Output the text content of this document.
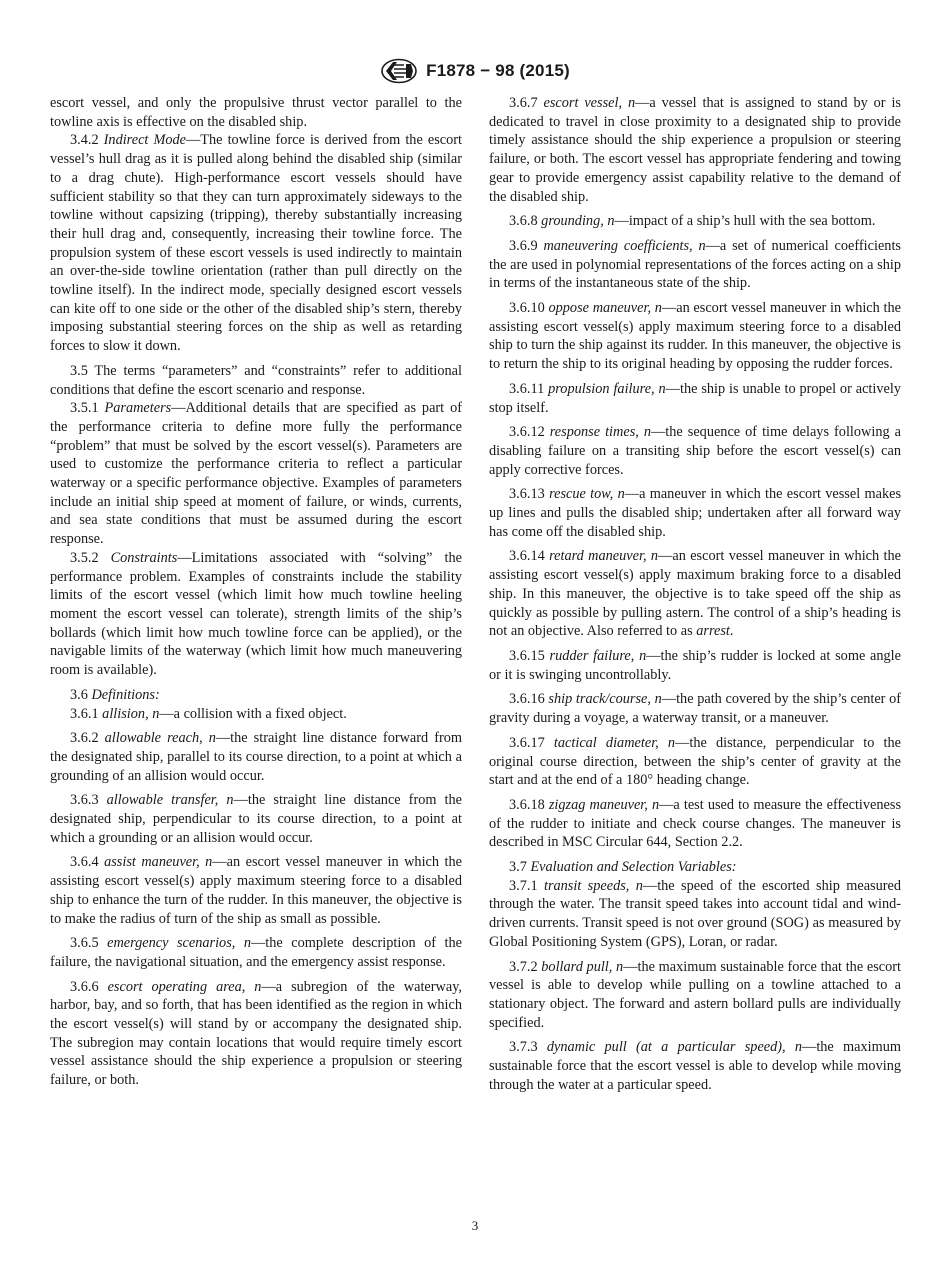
F1878 − 98 (2015)

escort vessel, and only the propulsive thrust vector parallel to the towline axis is effective on the disabled ship.

3.4.2 Indirect Mode—The towline force is derived from the escort vessel’s hull drag as it is pulled along behind the disabled ship (similar to a drag chute). High-performance escort vessels should have sufficient stability so that they can turn approximately sideways to the towline without capsizing (tripping), thereby substantially increasing their hull drag and, consequently, increasing their towline force. The propulsion system of these escort vessels is used indirectly to maintain an over-the-side towline orientation (rather than pull directly on the towline itself). In the indirect mode, specially designed escort vessels can kite off to one side or the other of the disabled ship’s stern, thereby imposing substantial steering forces on the ship as well as retarding forces to slow it down.

3.5 The terms “parameters” and “constraints” refer to additional conditions that define the escort scenario and response.

3.5.1 Parameters—Additional details that are specified as part of the performance criteria to define more fully the performance “problem” that must be solved by the escort vessel(s). Parameters are used to customize the performance criteria to reflect a particular waterway or a specific performance objective. Examples of parameters include an initial ship speed at moment of failure, or winds, currents, and sea state conditions that must be assumed during the escort response.

3.5.2 Constraints—Limitations associated with “solving” the performance problem. Examples of constraints include the stability limits of the escort vessel (which limit how much towline heeling moment the escort vessel can tolerate), strength limits of the ship’s bollards (which limit how much towline force can be applied), or the navigable limits of the waterway (which limit how much maneuvering room is available).

3.6 Definitions:

3.6.1 allision, n—a collision with a fixed object.

3.6.2 allowable reach, n—the straight line distance forward from the designated ship, parallel to its course direction, to a point at which a grounding of an allision would occur.

3.6.3 allowable transfer, n—the straight line distance from the designated ship, perpendicular to its course direction, to a point at which a grounding or an allision would occur.

3.6.4 assist maneuver, n—an escort vessel maneuver in which the assisting escort vessel(s) apply maximum steering force to a disabled ship to enhance the turn of the rudder. In this maneuver, the objective is to make the radius of turn of the ship as small as possible.

3.6.5 emergency scenarios, n—the complete description of the failure, the navigational situation, and the emergency assist response.

3.6.6 escort operating area, n—a subregion of the waterway, harbor, bay, and so forth, that has been identified as the region in which the escort vessel(s) will stand by or accompany the designated ship. The subregion may contain locations that would require timely escort vessel assistance should the ship experience a propulsion or steering failure, or both.

3.6.7 escort vessel, n—a vessel that is assigned to stand by or is dedicated to travel in close proximity to a designated ship to provide timely assistance should the ship experience a propulsion or steering failure, or both. The escort vessel has appropriate fendering and towing gear to provide emergency assist capability relative to the demand of the disabled ship.

3.6.8 grounding, n—impact of a ship’s hull with the sea bottom.

3.6.9 maneuvering coefficients, n—a set of numerical coefficients the are used in polynomial representations of the forces acting on a ship in terms of the instantaneous state of the ship.

3.6.10 oppose maneuver, n—an escort vessel maneuver in which the assisting escort vessel(s) apply maximum steering force to a disabled ship to turn the ship against its rudder. In this maneuver, the objective is to return the ship to its original heading by opposing the rudder forces.

3.6.11 propulsion failure, n—the ship is unable to propel or actively stop itself.

3.6.12 response times, n—the sequence of time delays following a disabling failure on a transiting ship before the escort vessel(s) can apply corrective forces.

3.6.13 rescue tow, n—a maneuver in which the escort vessel makes up lines and pulls the disabled ship; undertaken after all forward way has come off the disabled ship.

3.6.14 retard maneuver, n—an escort vessel maneuver in which the assisting escort vessel(s) apply maximum braking force to a disabled ship. In this maneuver, the objective is to take speed off the ship as quickly as possible by pulling astern. The control of a ship’s heading is not an objective. Also referred to as arrest.

3.6.15 rudder failure, n—the ship’s rudder is locked at some angle or it is swinging uncontrollably.

3.6.16 ship track/course, n—the path covered by the ship’s center of gravity during a voyage, a waterway transit, or a maneuver.

3.6.17 tactical diameter, n—the distance, perpendicular to the original course direction, between the ship’s center of gravity at the start and at the end of a 180° heading change.

3.6.18 zigzag maneuver, n—a test used to measure the effectiveness of the rudder to initiate and check course changes. The maneuver is described in MSC Circular 644, Section 2.2.

3.7 Evaluation and Selection Variables:

3.7.1 transit speeds, n—the speed of the escorted ship measured through the water. The transit speed takes into account tidal and wind-driven currents. Transit speed is not over ground (SOG) as measured by Global Positioning System (GPS), Loran, or radar.

3.7.2 bollard pull, n—the maximum sustainable force that the escort vessel is able to develop while pulling on a towline attached to a stationary object. The forward and astern bollard pulls are individually specified.

3.7.3 dynamic pull (at a particular speed), n—the maximum sustainable force that the escort vessel is able to develop while moving through the water at a particular speed.

3
